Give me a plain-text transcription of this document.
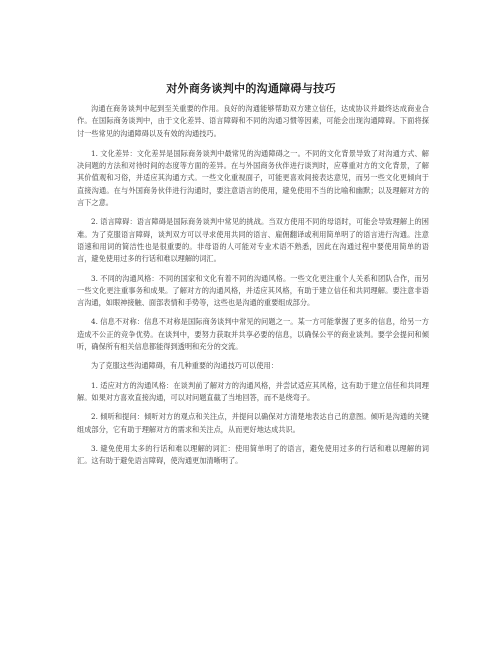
对外商务谈判中的沟通障碍与技巧

沟通在商务谈判中起到至关重要的作用。良好的沟通能够帮助双方建立信任，达成协议并最终达成商业合作。在国际商务谈判中，由于文化差异、语言障碍和不同的沟通习惯等因素，可能会出现沟通障碍。下面将探讨一些常见的沟通障碍以及有效的沟通技巧。

1. 文化差异：文化差异是国际商务谈判中最常见的沟通障碍之一。不同的文化背景导致了对沟通方式、解决问题的方法和对待时间的态度等方面的差异。在与外国商务伙伴进行谈判时，应尊重对方的文化背景，了解其价值观和习俗，并适应其沟通方式。一些文化重视面子，可能更喜欢间接表达意见，而另一些文化更倾向于直接沟通。在与外国商务伙伴进行沟通时，要注意语言的使用，避免使用不当的比喻和幽默；以及理解对方的言下之意。

2. 语言障碍：语言障碍是国际商务谈判中常见的挑战。当双方使用不同的母语时，可能会导致理解上的困难。为了克服语言障碍，谈判双方可以寻求使用共同的语言、雇佣翻译或利用简单明了的语言进行沟通。注意语速和用词的简洁性也是很重要的。非母语的人可能对专业术语不熟悉，因此在沟通过程中要使用简单的语言，避免使用过多的行话和难以理解的词汇。

3. 不同的沟通风格：不同的国家和文化有着不同的沟通风格。一些文化更注重个人关系和团队合作，而另一些文化更注重事务和成果。了解对方的沟通风格，并适应其风格，有助于建立信任和共同理解。要注意非语言沟通，如眼神接触、面部表情和手势等，这些也是沟通的重要组成部分。

4. 信息不对称：信息不对称是国际商务谈判中常见的问题之一。某一方可能掌握了更多的信息，给另一方造成不公正的竞争优势。在谈判中，要努力获取并共享必要的信息，以确保公平的商业谈判。要学会提问和倾听，确保所有相关信息都能得到透明和充分的交流。

为了克服这些沟通障碍，有几种重要的沟通技巧可以使用：

1. 适应对方的沟通风格：在谈判前了解对方的沟通风格，并尝试适应其风格，这有助于建立信任和共同理解。如果对方喜欢直接沟通，可以对问题直截了当地回答，而不是绕弯子。

2. 倾听和提问：倾听对方的观点和关注点，并提问以确保对方清楚地表达自己的意图。倾听是沟通的关键组成部分，它有助于理解对方的需求和关注点，从而更好地达成共识。

3. 避免使用太多的行话和难以理解的词汇：使用简单明了的语言，避免使用过多的行话和难以理解的词汇。这有助于避免语言障碍，使沟通更加清晰明了。
